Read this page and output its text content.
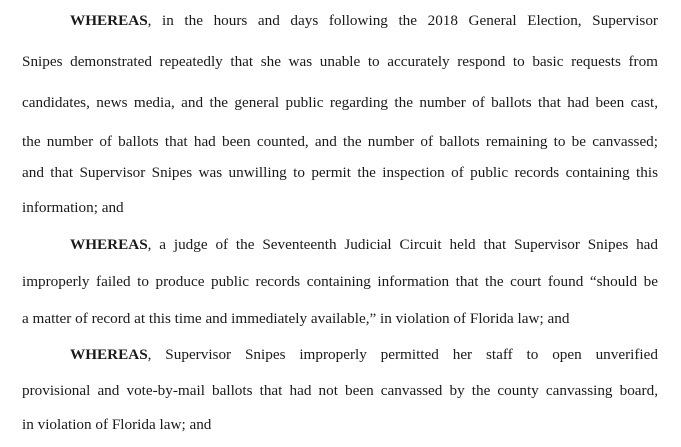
WHEREAS, in the hours and days following the 2018 General Election, Supervisor
Snipes demonstrated repeatedly that she was unable to accurately respond to basic requests from
candidates, news media, and the general public regarding the number of ballots that had been cast,
the number of ballots that had been counted, and the number of ballots remaining to be canvassed;
and that Supervisor Snipes was unwilling to permit the inspection of public records containing this
information; and
WHEREAS, a judge of the Seventeenth Judicial Circuit held that Supervisor Snipes had
improperly failed to produce public records containing information that the court found “should be
a matter of record at this time and immediately available,” in violation of Florida law; and
WHEREAS, Supervisor Snipes improperly permitted her staff to open unverified
provisional and vote-by-mail ballots that had not been canvassed by the county canvassing board,
in violation of Florida law; and
